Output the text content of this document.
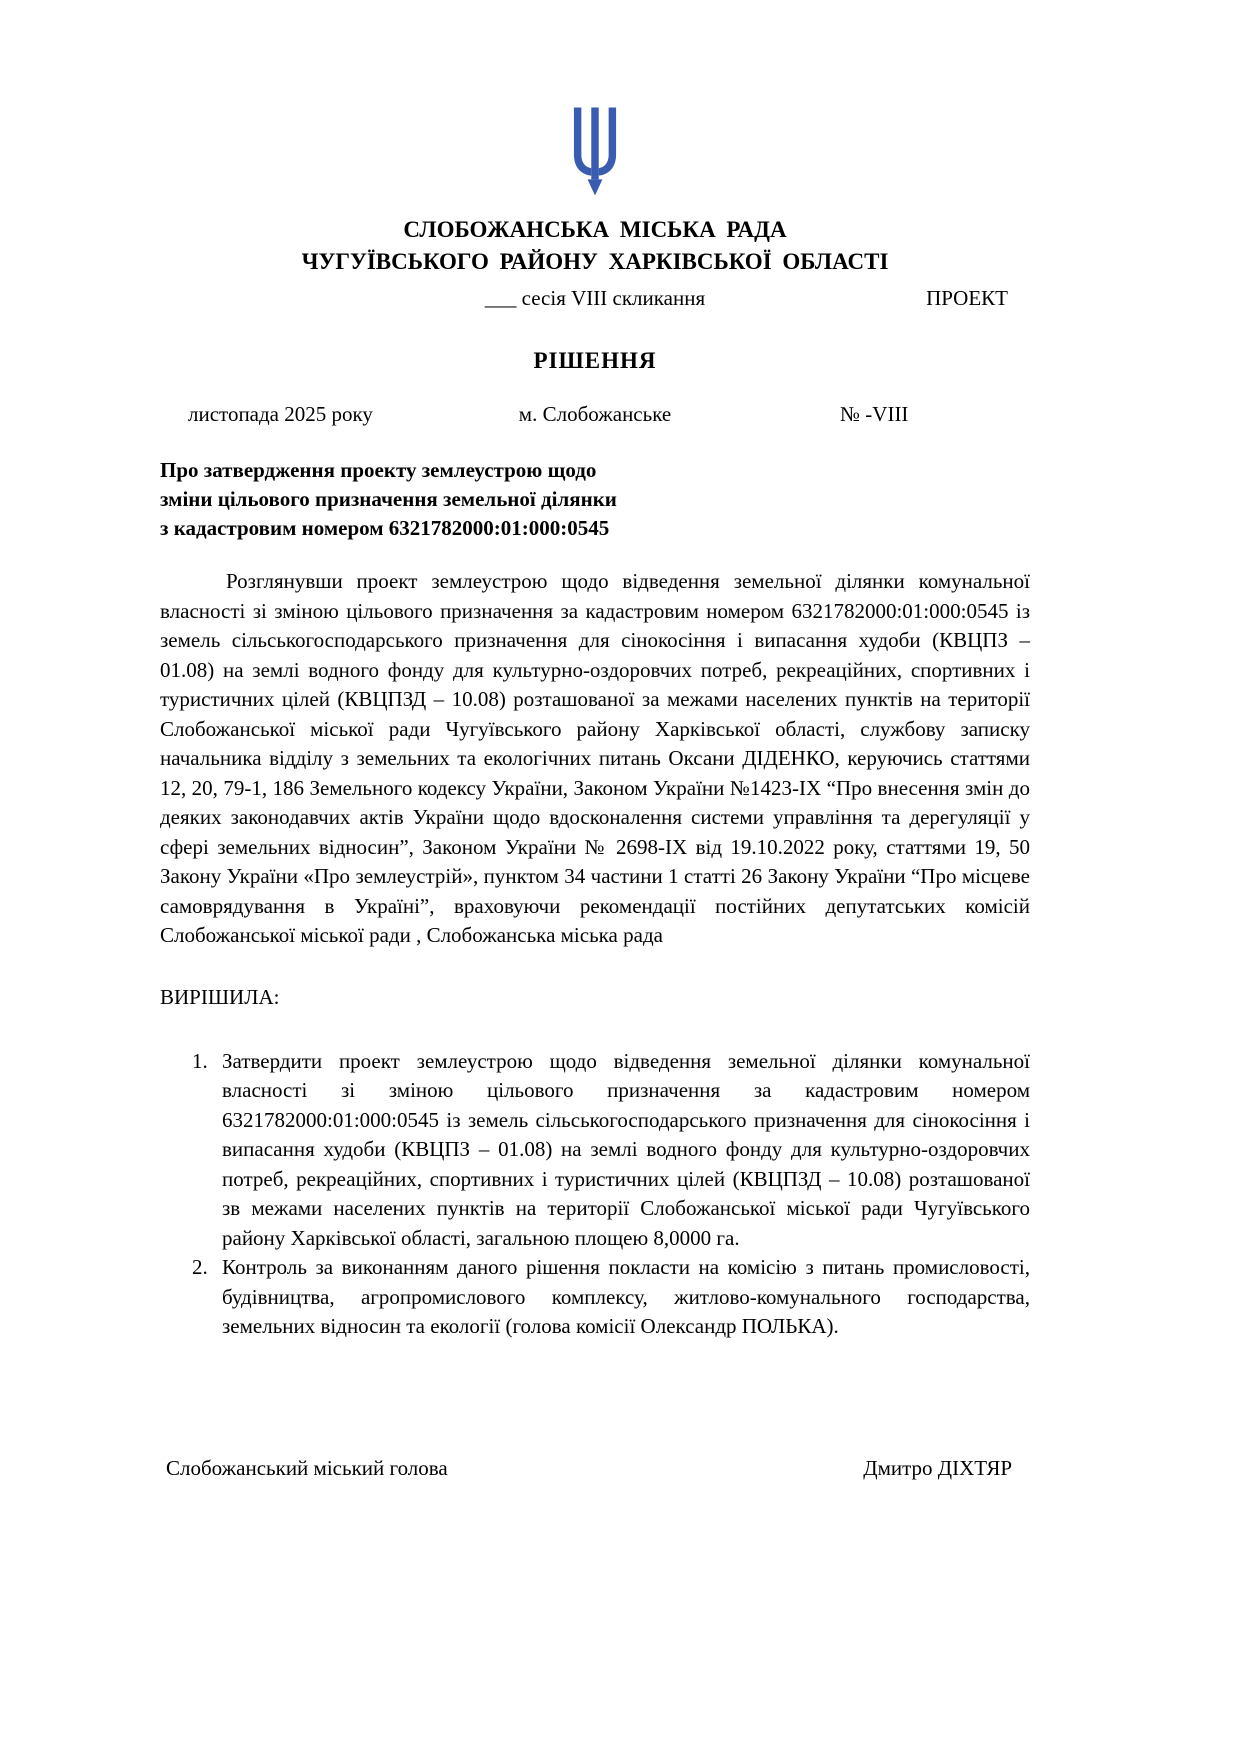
СЛОБОЖАНСЬКА МІСЬКА РАДА
ЧУГУЇВСЬКОГО РАЙОНУ ХАРКІВСЬКОЇ ОБЛАСТІ
___ сесія VIII скликання	ПРОЕКТ
РІШЕННЯ
листопада 2025 року	м. Слобожанське	№ -VIII
Про затвердження проекту землеустрою щодо
зміни цільового призначення земельної ділянки
з кадастровим номером 6321782000:01:000:0545
Розглянувши проект землеустрою щодо відведення земельної ділянки комунальної власності зі зміною цільового призначення за кадастровим номером 6321782000:01:000:0545 із земель сільськогосподарського призначення для сінокосіння і випасання худоби (КВЦПЗ – 01.08) на землі водного фонду для культурно-оздоровчих потреб, рекреаційних, спортивних і туристичних цілей (КВЦПЗД – 10.08) розташованої за межами населених пунктів на території Слобожанської міської ради Чугуївського району Харківської області, службову записку начальника відділу з земельних та екологічних питань Оксани ДІДЕНКО, керуючись статтями 12, 20, 79-1, 186 Земельного кодексу України, Законом України №1423-ІХ “Про внесення змін до деяких законодавчих актів України щодо вдосконалення системи управління та дерегуляції у сфері земельних відносин”, Законом України № 2698-ІХ від 19.10.2022 року, статтями 19, 50 Закону України «Про землеустрій», пунктом 34 частини 1 статті 26 Закону України “Про місцеве самоврядування в Україні”, враховуючи рекомендації постійних депутатських комісій Слобожанської міської ради , Слобожанська міська рада
ВИРІШИЛА:
1. Затвердити проект землеустрою щодо відведення земельної ділянки комунальної власності зі зміною цільового призначення за кадастровим номером 6321782000:01:000:0545 із земель сільськогосподарського призначення для сінокосіння і випасання худоби (КВЦПЗ – 01.08) на землі водного фонду для культурно-оздоровчих потреб, рекреаційних, спортивних і туристичних цілей (КВЦПЗД – 10.08) розташованої зв межами населених пунктів на території Слобожанської міської ради Чугуївського району Харківської області, загальною площею 8,0000 га.
2. Контроль за виконанням даного рішення покласти на комісію з питань промисловості, будівництва, агропромислового комплексу, житлово-комунального господарства, земельних відносин та екології (голова комісії Олександр ПОЛЬКА).
Слобожанський міський голова	Дмитро ДІХТЯР
